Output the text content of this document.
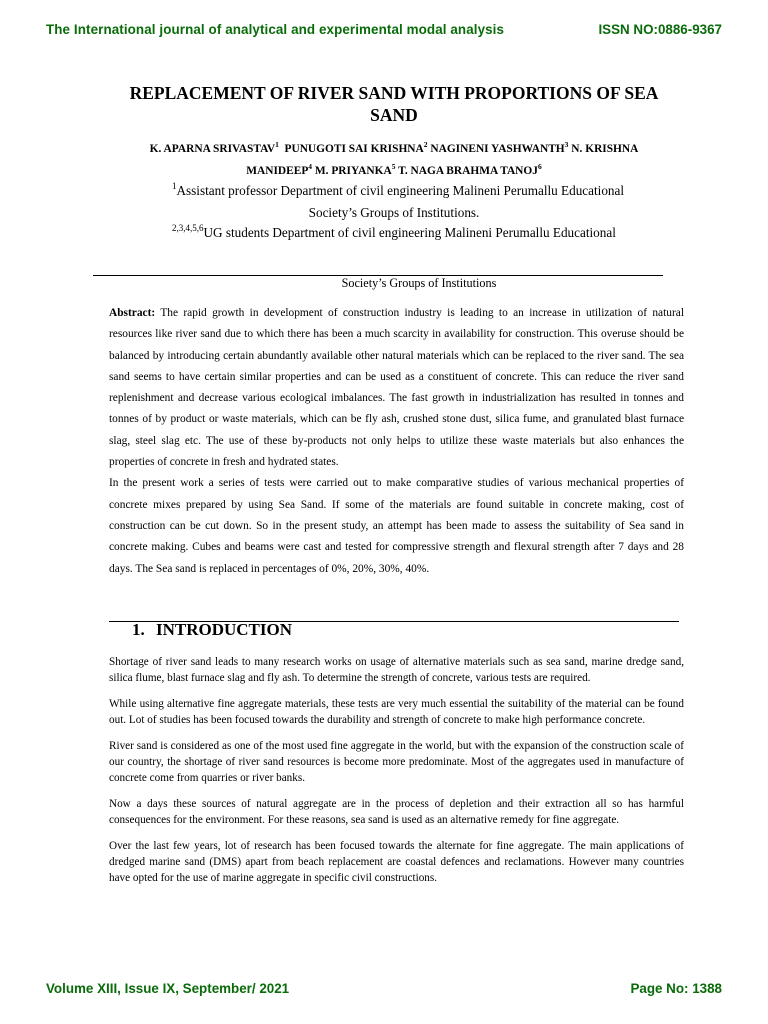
The International journal of analytical and experimental modal analysis	ISSN NO:0886-9367
REPLACEMENT OF RIVER SAND WITH PROPORTIONS OF SEA
SAND
K. APARNA SRIVASTAV$^1$ PUNUGOTI SAI KRISHNA$^2$ NAGINENI YASHWANTH$^3$ N. KRISHNA
MANIDEEP$^4$ M. PRIYANKA$^5$ T. NAGA BRAHMA TANOJ$^6$
$^1$Assistant professor Department of civil engineering Malineni Perumallu Educational
Society’s Groups of Institutions.
$^{2,3,4,5,6}$UG students Department of civil engineering Malineni Perumallu Educational
Society’s Groups of Institutions

Abstract: The rapid growth in development of construction industry is leading to an increase in utilization of natural resources like river sand due to which there has been a much scarcity in availability for construction. This overuse should be balanced by introducing certain abundantly available other natural materials which can be replaced to the river sand. The sea sand seems to have certain similar properties and can be used as a constituent of concrete. This can reduce the river sand replenishment and decrease various ecological imbalances. The fast growth in industrialization has resulted in tonnes and tonnes of by product or waste materials, which can be fly ash, crushed stone dust, silica fume, and granulated blast furnace slag, steel slag etc. The use of these by-products not only helps to utilize these waste materials but also enhances the properties of concrete in fresh and hydrated states.

In the present work a series of tests were carried out to make comparative studies of various mechanical properties of concrete mixes prepared by using Sea Sand. If some of the materials are found suitable in concrete making, cost of construction can be cut down. So in the present study, an attempt has been made to assess the suitability of Sea sand in concrete making. Cubes and beams were cast and tested for compressive strength and flexural strength after 7 days and 28 days. The Sea sand is replaced in percentages of 0%, 20%, 30%, 40%.

1. INTRODUCTION

Shortage of river sand leads to many research works on usage of alternative materials such as sea sand, marine dredge sand, silica flume, blast furnace slag and fly ash. To determine the strength of concrete, various tests are required.

While using alternative fine aggregate materials, these tests are very much essential the suitability of the material can be found out. Lot of studies has been focused towards the durability and strength of concrete to make high performance concrete.

River sand is considered as one of the most used fine aggregate in the world, but with the expansion of the construction scale of our country, the shortage of river sand resources is become more predominate. Most of the aggregates used in manufacture of concrete come from quarries or river banks.

Now a days these sources of natural aggregate are in the process of depletion and their extraction all so has harmful consequences for the environment. For these reasons, sea sand is used as an alternative remedy for fine aggregate.

Over the last few years, lot of research has been focused towards the alternate for fine aggregate. The main applications of dredged marine sand (DMS) apart from beach replacement are coastal defences and reclamations. However many countries have opted for the use of marine aggregate in specific civil constructions.

Volume XIII, Issue IX, September/ 2021	Page No: 1388
